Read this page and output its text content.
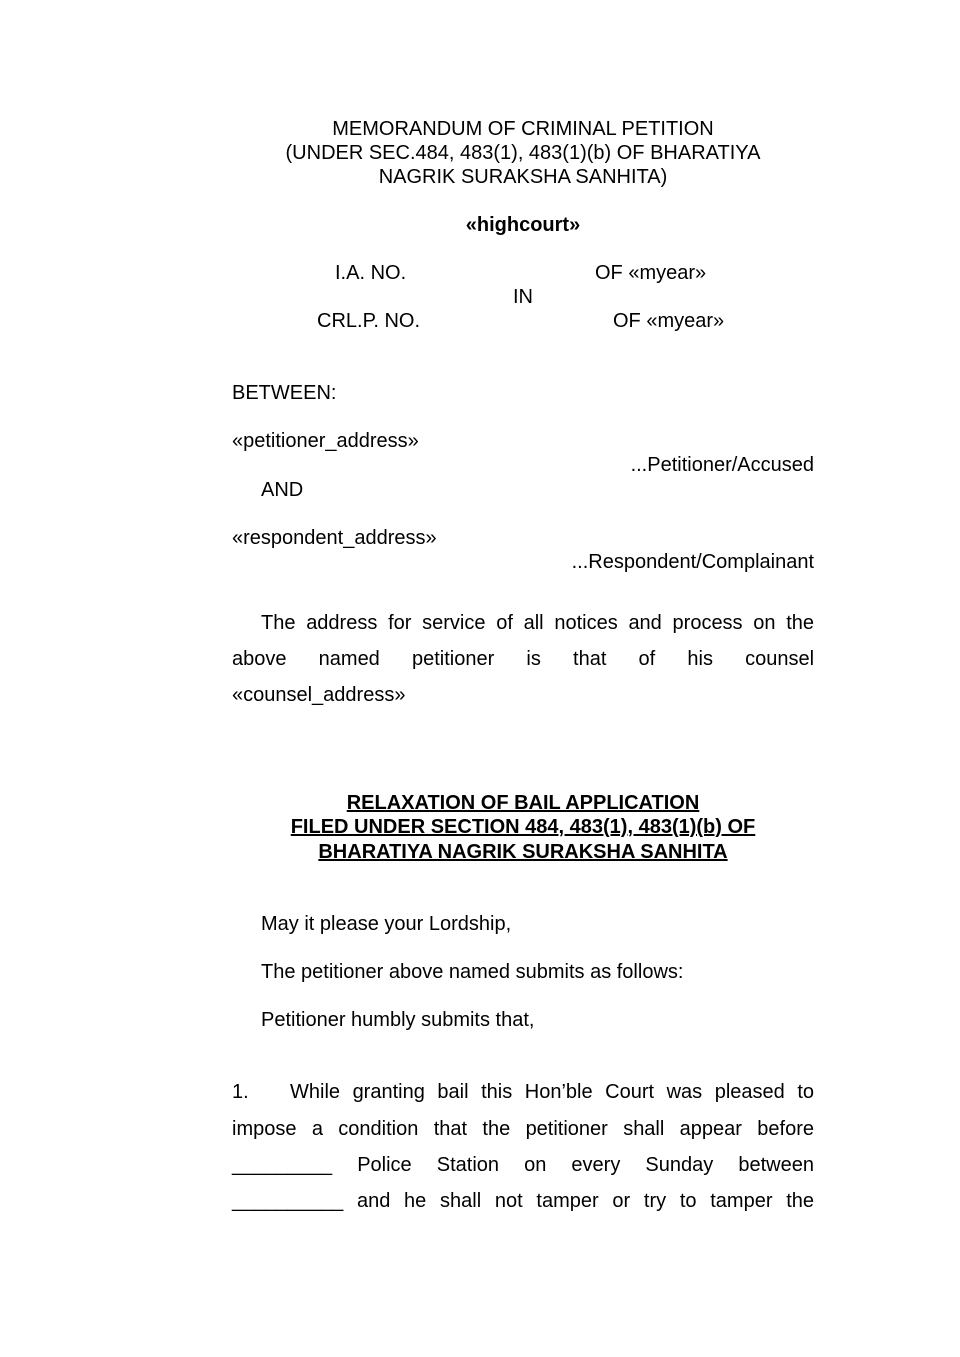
MEMORANDUM OF CRIMINAL PETITION
(UNDER SEC.484, 483(1), 483(1)(b) OF BHARATIYA
NAGRIK SURAKSHA SANHITA)
«highcourt»
I.A. NO.	OF «myear»
IN
CRL.P. NO.	OF «myear»
BETWEEN:
«petitioner_address»
...Petitioner/Accused
AND
«respondent_address»
...Respondent/Complainant
The address for service of all notices and process on the
above named petitioner is that of his counsel
«counsel_address»
RELAXATION OF BAIL APPLICATION
FILED UNDER SECTION 484, 483(1), 483(1)(b) OF
BHARATIYA NAGRIK SURAKSHA SANHITA
May it please your Lordship,
The petitioner above named submits as follows:
Petitioner humbly submits that,
1. While granting bail this Hon’ble Court was pleased to
impose a condition that the petitioner shall appear before
_________ Police Station on every Sunday between
__________ and he shall not tamper or try to tamper the
